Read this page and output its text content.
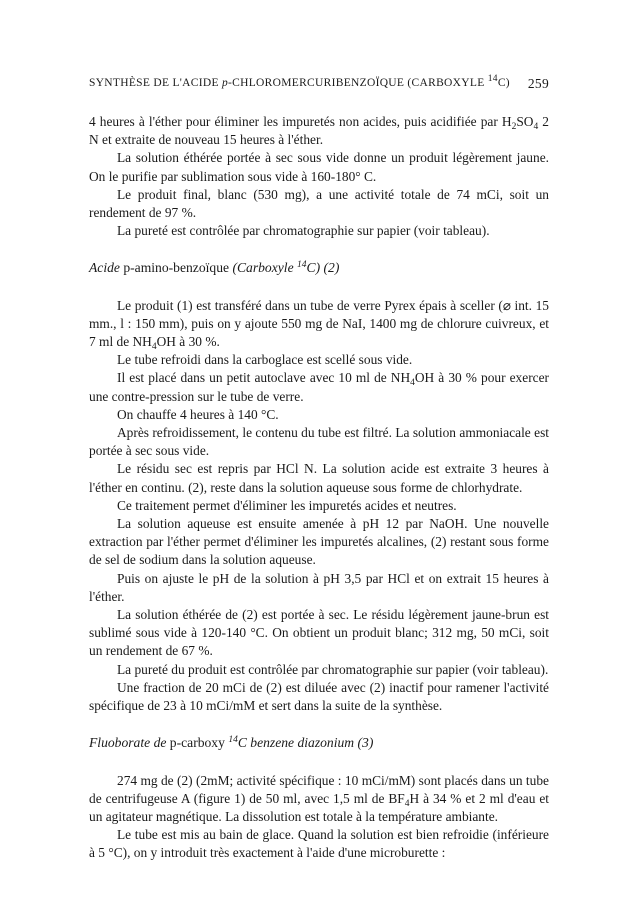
SYNTHÈSE DE L'ACIDE p-CHLOROMERCURIBENZOÏQUE (CARBOXYLE $^{14}$C) 259

4 heures à l'éther pour éliminer les impuretés non acides, puis acidifiée par $H_2SO_4$ 2 N et extraite de nouveau 15 heures à l'éther.

La solution éthérée portée à sec sous vide donne un produit légèrement jaune. On le purifie par sublimation sous vide à 160-180° C.

Le produit final, blanc (530 mg), a une activité totale de 74 mCi, soit un rendement de 97 %.

La pureté est contrôlée par chromatographie sur papier (voir tableau).

Acide p-amino-benzoïque (Carboxyle $^{14}$C) (2)

Le produit (1) est transféré dans un tube de verre Pyrex épais à sceller (⌀ int. 15 mm., l : 150 mm), puis on y ajoute 550 mg de NaI, 1400 mg de chlorure cuivreux, et 7 ml de $NH_4OH$ à 30 %.

Le tube refroidi dans la carboglace est scellé sous vide.

Il est placé dans un petit autoclave avec 10 ml de $NH_4OH$ à 30 % pour exercer une contre-pression sur le tube de verre.

On chauffe 4 heures à 140 °C.

Après refroidissement, le contenu du tube est filtré. La solution ammoniacale est portée à sec sous vide.

Le résidu sec est repris par HCl N. La solution acide est extraite 3 heures à l'éther en continu. (2), reste dans la solution aqueuse sous forme de chlorhydrate.

Ce traitement permet d'éliminer les impuretés acides et neutres.

La solution aqueuse est ensuite amenée à pH 12 par NaOH. Une nouvelle extraction par l'éther permet d'éliminer les impuretés alcalines, (2) restant sous forme de sel de sodium dans la solution aqueuse.

Puis on ajuste le pH de la solution à pH 3,5 par HCl et on extrait 15 heures à l'éther.

La solution éthérée de (2) est portée à sec. Le résidu légèrement jaune-brun est sublimé sous vide à 120-140 °C. On obtient un produit blanc; 312 mg, 50 mCi, soit un rendement de 67 %.

La pureté du produit est contrôlée par chromatographie sur papier (voir tableau).

Une fraction de 20 mCi de (2) est diluée avec (2) inactif pour ramener l'activité spécifique de 23 à 10 mCi/mM et sert dans la suite de la synthèse.

Fluoborate de p-carboxy $^{14}$C benzene diazonium (3)

274 mg de (2) (2mM; activité spécifique : 10 mCi/mM) sont placés dans un tube de centrifugeuse A (figure 1) de 50 ml, avec 1,5 ml de $BF_4H$ à 34 % et 2 ml d'eau et un agitateur magnétique. La dissolution est totale à la température ambiante.

Le tube est mis au bain de glace. Quand la solution est bien refroidie (inférieure à 5 °C), on y introduit très exactement à l'aide d'une microburette :
